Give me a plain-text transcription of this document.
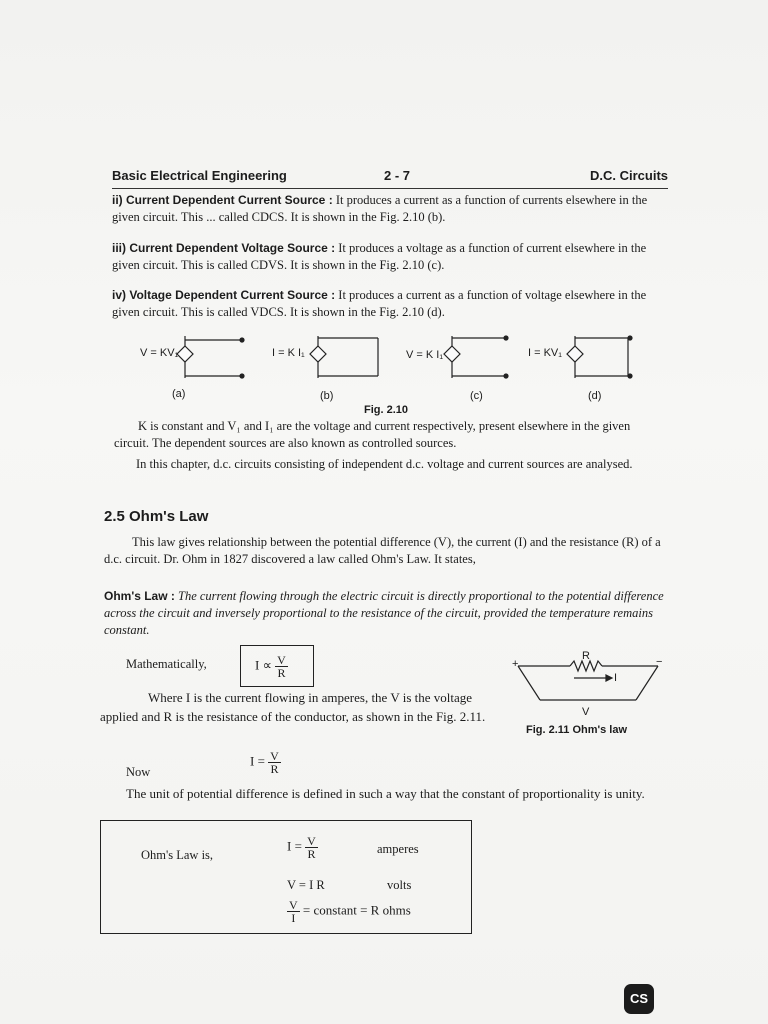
Basic Electrical Engineering	2 - 7	D.C. Circuits
ii) Current Dependent Current Source : It produces a current as a function of currents elsewhere in the given circuit. This ... called CDCS. It is shown in the Fig. 2.10 (b).
iii) Current Dependent Voltage Source : It produces a voltage as a function of current elsewhere in the given circuit. This is called CDVS. It is shown in the Fig. 2.10 (c).
iv) Voltage Dependent Current Source : It produces a current as a function of voltage elsewhere in the given circuit. This is called VDCS. It is shown in the Fig. 2.10 (d).
V = KV₁	I = K I₁	V = K I₁	I = KV₁
(a)	(b)	(c)	(d)
Fig. 2.10
K is constant and V₁ and I₁ are the voltage and current respectively, present elsewhere in the given circuit. The dependent sources are also known as controlled sources.
In this chapter, d.c. circuits consisting of independent d.c. voltage and current sources are analysed.
2.5 Ohm's Law
This law gives relationship between the potential difference (V), the current (I) and the resistance (R) of a d.c. circuit. Dr. Ohm in 1827 discovered a law called Ohm's Law. It states,
Ohm's Law : The current flowing through the electric circuit is directly proportional to the potential difference across the circuit and inversely proportional to the resistance of the circuit, provided the temperature remains constant.
Mathematically,	$I \propto \frac{V}{R}$	R
+	−
I
V
Fig. 2.11 Ohm's law
Where I is the current flowing in amperes, the V is the voltage applied and R is the resistance of the conductor, as shown in the Fig. 2.11.
Now
$I = \frac{V}{R}$
The unit of potential difference is defined in such a way that the constant of proportionality is unity.
Ohm's Law is,
$I = \frac{V}{R}$	amperes
V = I R	volts
$\frac{V}{I}$ = constant = R ohms
CS
